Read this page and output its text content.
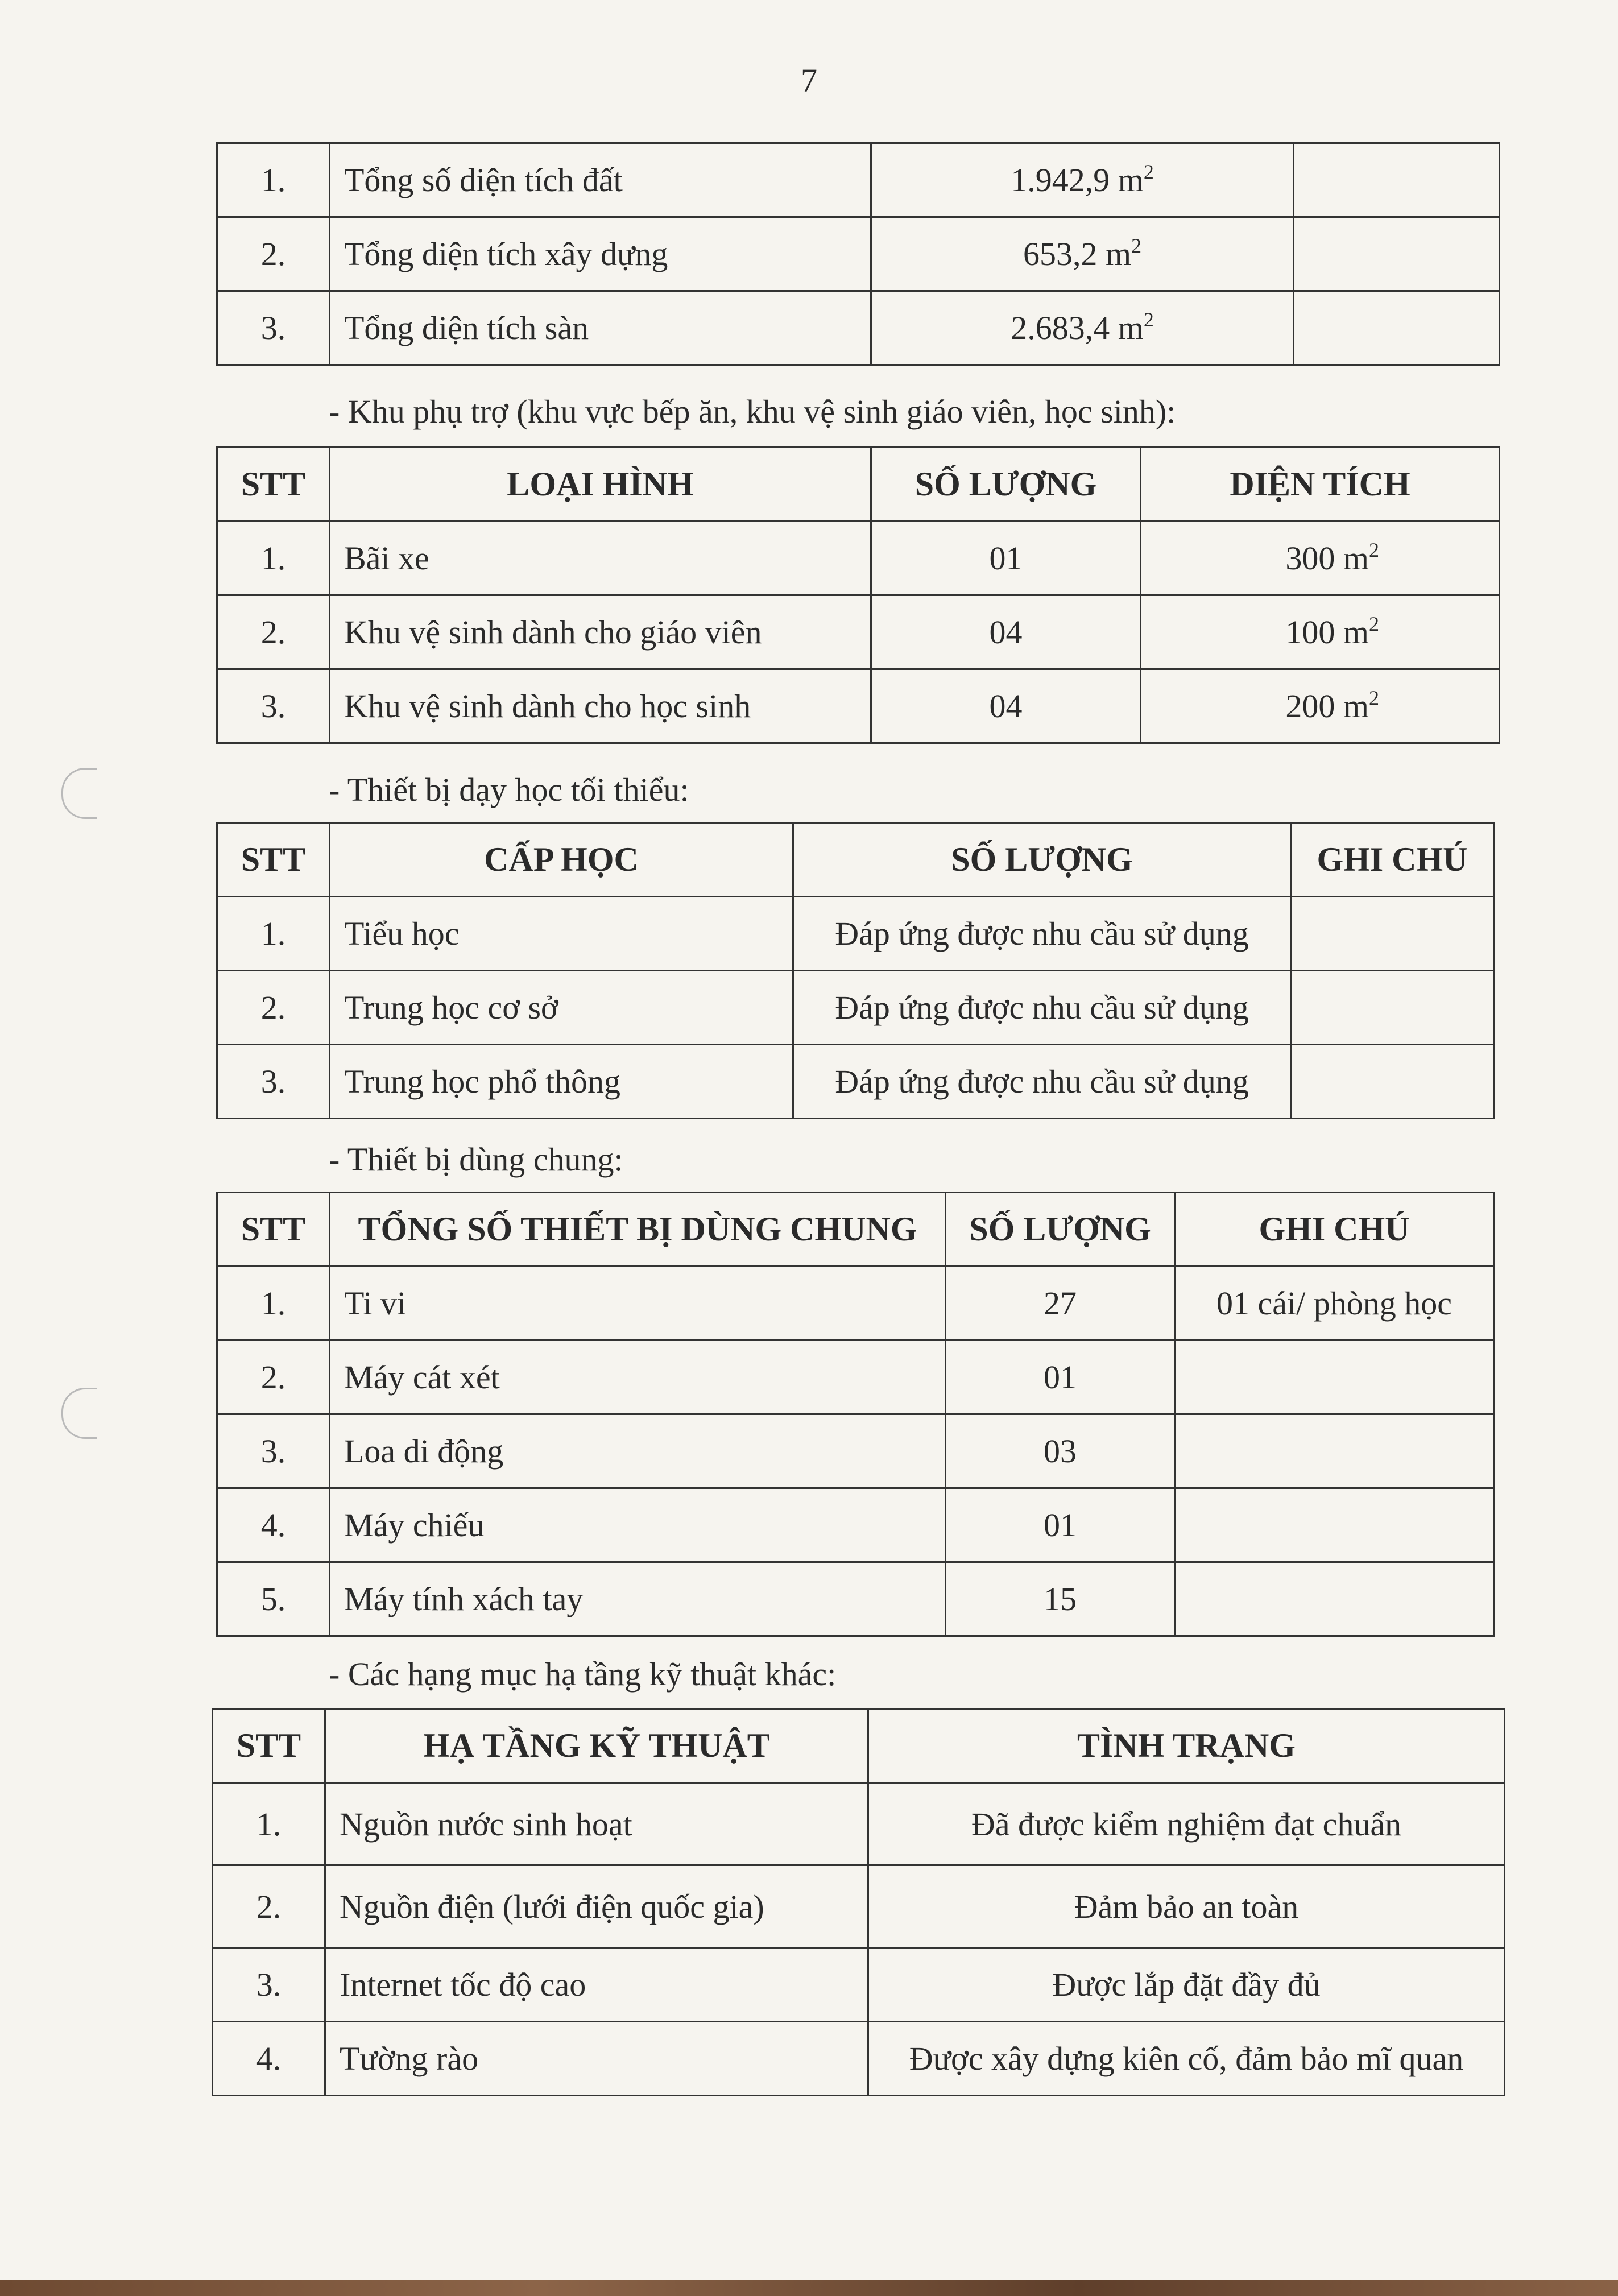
7
1.	Tổng số diện tích đất	1.942,9 $m^2$	
2.	Tổng diện tích xây dựng	653,2 $m^2$	
3.	Tổng diện tích sàn	2.683,4 $m^2$	
- Khu phụ trợ (khu vực bếp ăn, khu vệ sinh giáo viên, học sinh):
STT	LOẠI HÌNH	SỐ LƯỢNG	DIỆN TÍCH
1.	Bãi xe	01	300 $m^2$
2.	Khu vệ sinh dành cho giáo viên	04	100 $m^2$
3.	Khu vệ sinh dành cho học sinh	04	200 $m^2$
- Thiết bị dạy học tối thiểu:
STT	CẤP HỌC	SỐ LƯỢNG	GHI CHÚ
1.	Tiểu học	Đáp ứng được nhu cầu sử dụng	
2.	Trung học cơ sở	Đáp ứng được nhu cầu sử dụng	
3.	Trung học phổ thông	Đáp ứng được nhu cầu sử dụng	
- Thiết bị dùng chung:
STT	TỔNG SỐ THIẾT BỊ DÙNG CHUNG	SỐ LƯỢNG	GHI CHÚ
1.	Ti vi	27	01 cái/ phòng học
2.	Máy cát xét	01	
3.	Loa di động	03	
4.	Máy chiếu	01	
5.	Máy tính xách tay	15	
- Các hạng mục hạ tầng kỹ thuật khác:
STT	HẠ TẦNG KỸ THUẬT	TÌNH TRẠNG
1.	Nguồn nước sinh hoạt	Đã được kiểm nghiệm đạt chuẩn
2.	Nguồn điện (lưới điện quốc gia)	Đảm bảo an toàn
3.	Internet tốc độ cao	Được lắp đặt đầy đủ
4.	Tường rào	Được xây dựng kiên cố, đảm bảo mĩ quan
